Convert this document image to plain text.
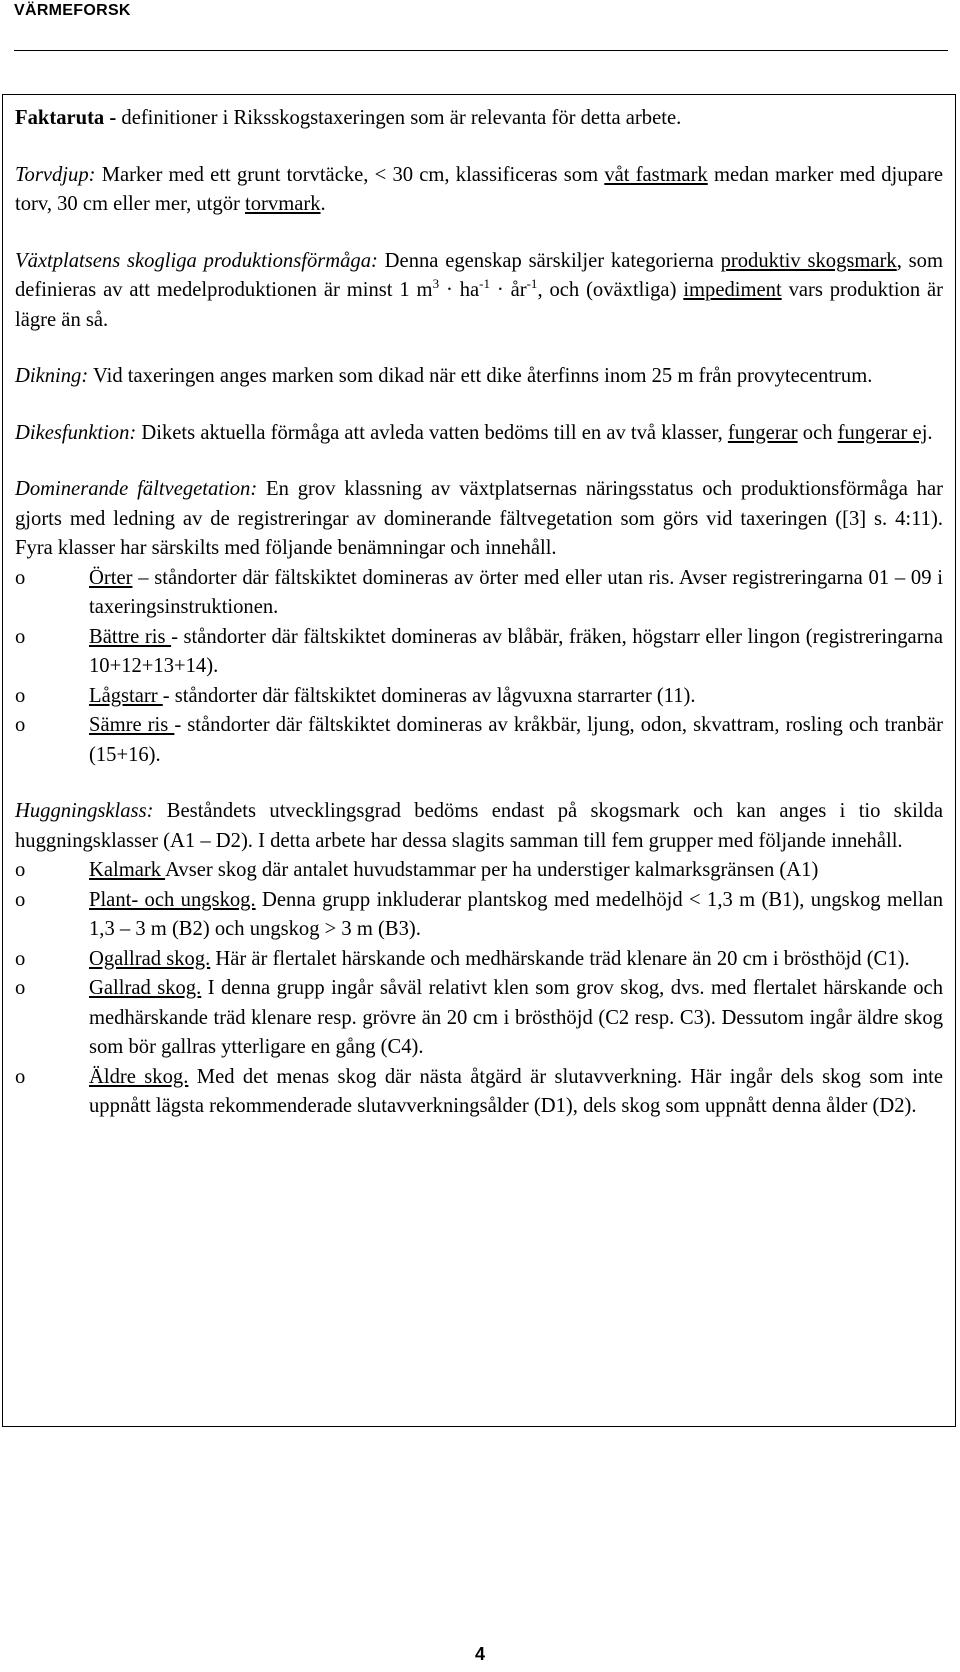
VÄRMEFORSK

Faktaruta - definitioner i Riksskogstaxeringen som är relevanta för detta arbete.

Torvdjup: Marker med ett grunt torvtäcke, < 30 cm, klassificeras som våt fastmark medan marker med djupare torv, 30 cm eller mer, utgör torvmark.

Växtplatsens skogliga produktionsförmåga: Denna egenskap särskiljer kategorierna produktiv skogsmark, som definieras av att medelproduktionen är minst 1 $m^3 \cdot ha^{-1}$ · $år^{-1}$, och (oväxtliga) impediment vars produktion är lägre än så.

Dikning: Vid taxeringen anges marken som dikad när ett dike återfinns inom 25 m från provytecentrum.

Dikesfunktion: Dikets aktuella förmåga att avleda vatten bedöms till en av två klasser, fungerar och fungerar ej.

Dominerande fältvegetation: En grov klassning av växtplatsernas näringsstatus och produktionsförmåga har gjorts med ledning av de registreringar av dominerande fältvegetation som görs vid taxeringen ([3] s. 4:11). Fyra klasser har särskilts med följande benämningar och innehåll.

o	Örter – ståndorter där fältskiktet domineras av örter med eller utan ris. Avser registreringarna 01 – 09 i taxeringsinstruktionen.
o	Bättre ris - ståndorter där fältskiktet domineras av blåbär, fräken, högstarr eller lingon (registreringarna 10+12+13+14).
o	Lågstarr - ståndorter där fältskiktet domineras av lågvuxna starrarter (11).
o	Sämre ris - ståndorter där fältskiktet domineras av kråkbär, ljung, odon, skvattram, rosling och tranbär (15+16).

Huggningsklass: Beståndets utvecklingsgrad bedöms endast på skogsmark och kan anges i tio skilda huggningsklasser (A1 – D2). I detta arbete har dessa slagits samman till fem grupper med följande innehåll.

o	Kalmark Avser skog där antalet huvudstammar per ha understiger kalmarksgränsen (A1)
o	Plant- och ungskog. Denna grupp inkluderar plantskog med medelhöjd < 1,3 m (B1), ungskog mellan 1,3 – 3 m (B2) och ungskog > 3 m (B3).
o	Ogallrad skog. Här är flertalet härskande och medhärskande träd klenare än 20 cm i brösthöjd (C1).
o	Gallrad skog. I denna grupp ingår såväl relativt klen som grov skog, dvs. med flertalet härskande och medhärskande träd klenare resp. grövre än 20 cm i brösthöjd (C2 resp. C3). Dessutom ingår äldre skog som bör gallras ytterligare en gång (C4).
o	Äldre skog. Med det menas skog där nästa åtgärd är slutavverkning. Här ingår dels skog som inte uppnått lägsta rekommenderade slutavverkningsålder (D1), dels skog som uppnått denna ålder (D2).
4
